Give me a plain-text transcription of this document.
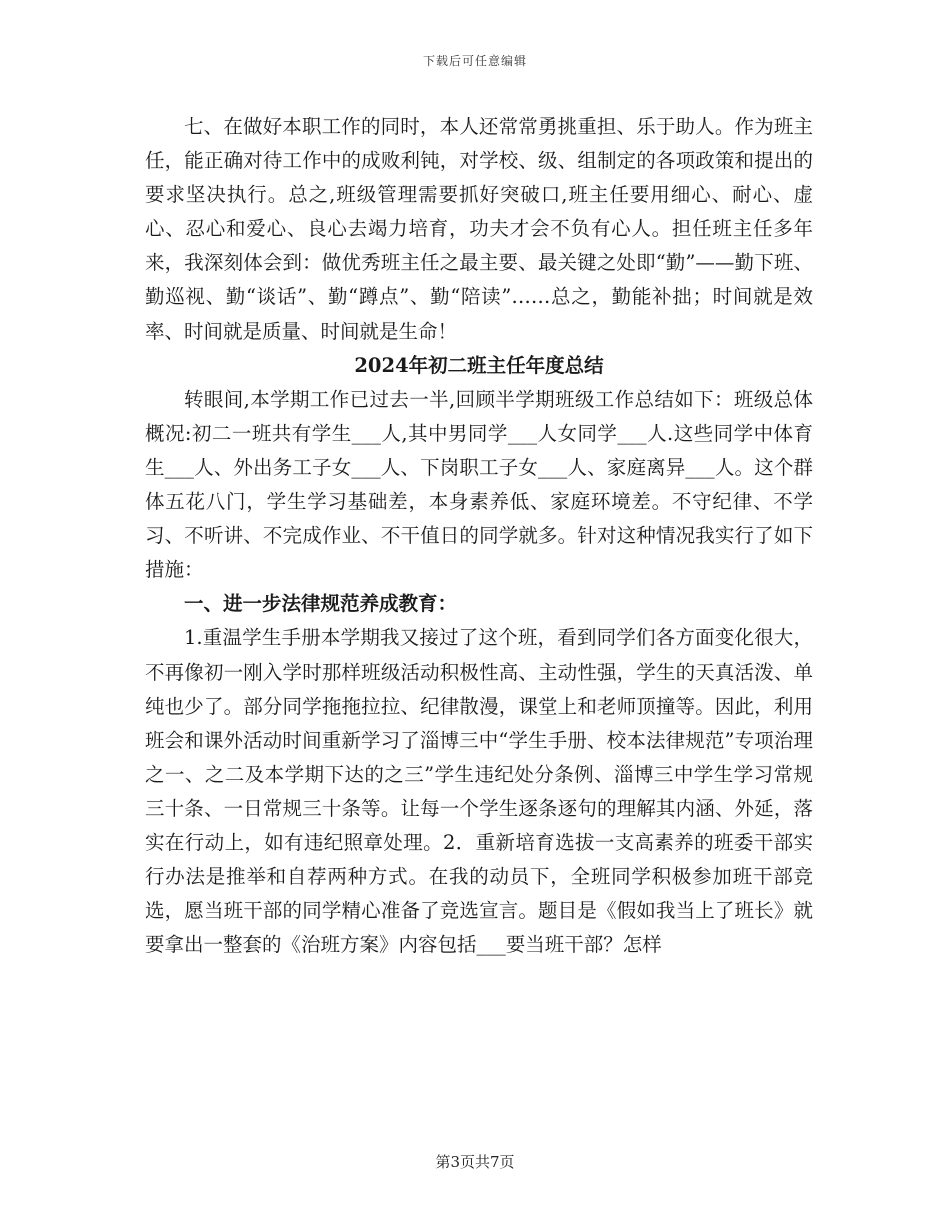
下载后可任意编辑

七、在做好本职工作的同时，本人还常常勇挑重担、乐于助人。作为班主任，能正确对待工作中的成败利钝，对学校、级、组制定的各项政策和提出的要求坚决执行。总之,班级管理需要抓好突破口,班主任要用细心、耐心、虚心、忍心和爱心、良心去竭力培育，功夫才会不负有心人。担任班主任多年来，我深刻体会到：做优秀班主任之最主要、最关键之处即“勤”——勤下班、勤巡视、勤“谈话”、勤“蹲点”、勤“陪读”……总之，勤能补拙；时间就是效率、时间就是质量、时间就是生命！

2024年初二班主任年度总结

转眼间,本学期工作已过去一半,回顾半学期班级工作总结如下：班级总体概况:初二一班共有学生___人,其中男同学___人女同学___人.这些同学中体育生___人、外出务工子女___人、下岗职工子女___人、家庭离异___人。这个群体五花八门，学生学习基础差，本身素养低、家庭环境差。不守纪律、不学习、不听讲、不完成作业、不干值日的同学就多。针对这种情况我实行了如下措施：

一、进一步法律规范养成教育：

1.重温学生手册本学期我又接过了这个班，看到同学们各方面变化很大，不再像初一刚入学时那样班级活动积极性高、主动性强，学生的天真活泼、单纯也少了。部分同学拖拖拉拉、纪律散漫，课堂上和老师顶撞等。因此，利用班会和课外活动时间重新学习了淄博三中“学生手册、校本法律规范”专项治理之一、之二及本学期下达的之三”学生违纪处分条例、淄博三中学生学习常规三十条、一日常规三十条等。让每一个学生逐条逐句的理解其内涵、外延，落实在行动上，如有违纪照章处理。2．重新培育选拔一支高素养的班委干部实行办法是推举和自荐两种方式。在我的动员下，全班同学积极参加班干部竞选，愿当班干部的同学精心准备了竞选宣言。题目是《假如我当上了班长》就要拿出一整套的《治班方案》内容包括___要当班干部？怎样

第3页共7页
